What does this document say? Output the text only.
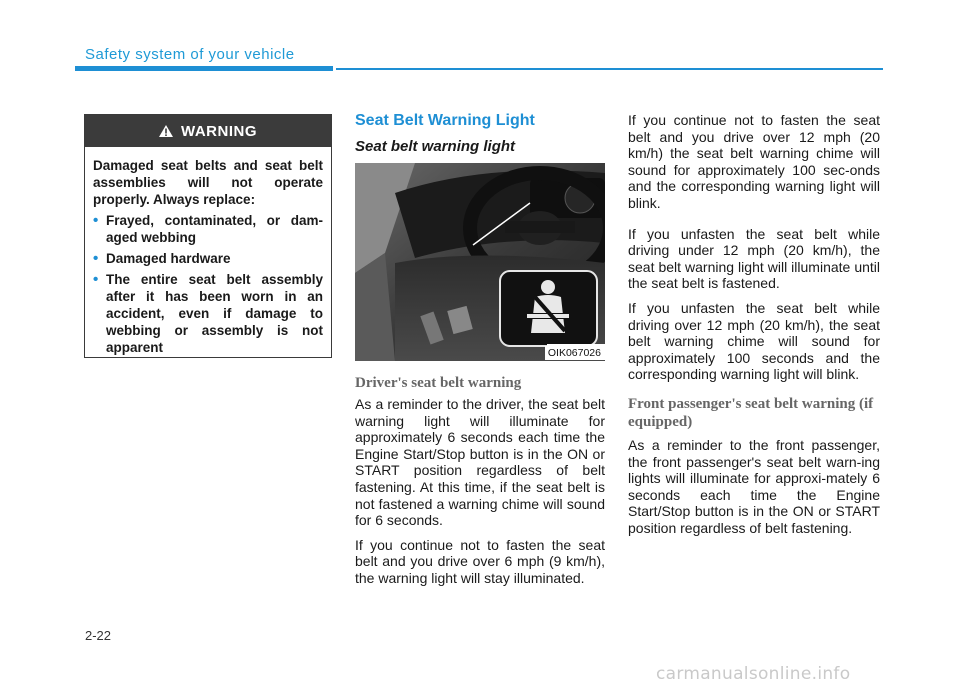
Safety system of your vehicle
WARNING

Damaged seat belts and seat belt assemblies will not operate properly. Always replace:

• Frayed, contaminated, or dam-aged webbing
• Damaged hardware
• The entire seat belt assembly after it has been worn in an accident, even if damage to webbing or assembly is not apparent
Seat Belt Warning Light
Seat belt warning light
OIK067026
Driver's seat belt warning

As a reminder to the driver, the seat belt warning light will illuminate for approximately 6 seconds each time the Engine Start/Stop button is in the ON or START position regardless of belt fastening. At this time, if the seat belt is not fastened a warning chime will sound for 6 seconds.

If you continue not to fasten the seat belt and you drive over 6 mph (9 km/h), the warning light will stay illuminated.

If you continue not to fasten the seat belt and you drive over 12 mph (20 km/h) the seat belt warning chime will sound for approximately 100 sec-onds and the corresponding warning light will blink.

If you unfasten the seat belt while driving under 12 mph (20 km/h), the seat belt warning light will illuminate until the seat belt is fastened.

If you unfasten the seat belt while driving over 12 mph (20 km/h), the seat belt warning chime will sound for approximately 100 seconds and the corresponding warning light will blink.

Front passenger's seat belt warning (if equipped)

As a reminder to the front passenger, the front passenger's seat belt warn-ing lights will illuminate for approxi-mately 6 seconds each time the Engine Start/Stop button is in the ON or START position regardless of belt fastening.

2-22
carmanualsonline.info
